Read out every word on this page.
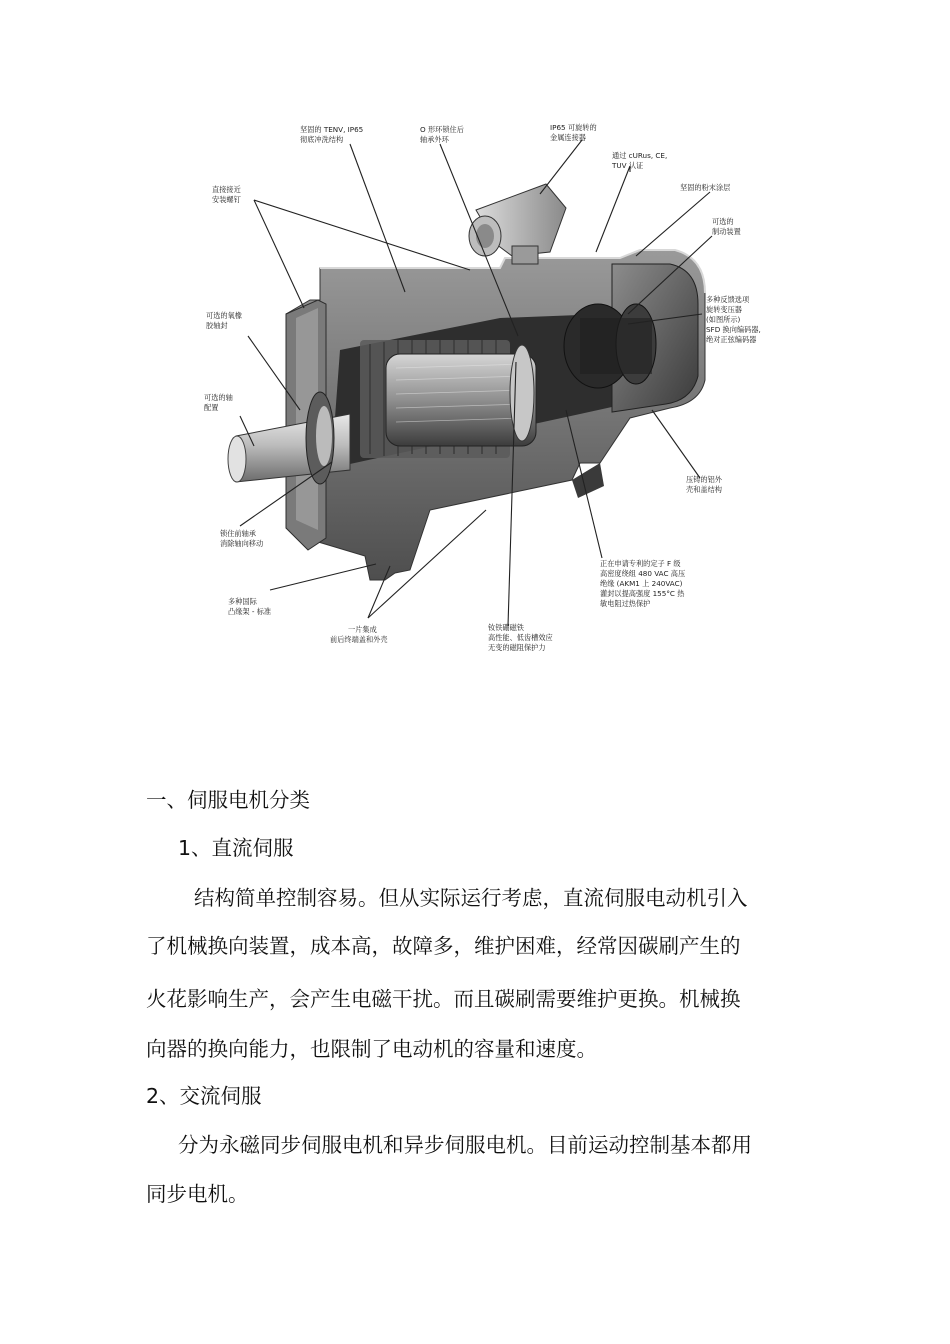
坚固的 TENV, IP65 彻底冲洗结构
O 形环锁住后轴承外环
IP65 可旋转的金属连接器
通过 cURus, CE, TUV 认证
直接接近安装螺钉
坚固的粉末涂层
可选的制动装置
多种反馈选项 旋转变压器 (如图所示) SFD 换向编码器, 绝对正弦编码器
可选的氧橡胶轴封
可选的轴配置
压铸的铝外壳和盖结构
锁住前轴承消除轴向移动
正在申请专利的定子 F 级 高密度绕组 480 VAC 高压 绝缘 (AKM1 上 240VAC) 灌封以提高强度 155°C 热 敏电阻过热保护
多种国际凸缘架 - 标准
一片集成前后终端盖和外壳
钕铁硼磁铁 高性能、低齿槽效应 无变的磁阻保护力
一、伺服电机分类
1、直流伺服
结构简单控制容易。但从实际运行考虑，直流伺服电动机引入
了机械换向装置，成本高，故障多，维护困难，经常因碳刷产生的
火花影响生产，会产生电磁干扰。而且碳刷需要维护更换。机械换
向器的换向能力，也限制了电动机的容量和速度。
2、交流伺服
分为永磁同步伺服电机和异步伺服电机。目前运动控制基本都用
同步电机。
